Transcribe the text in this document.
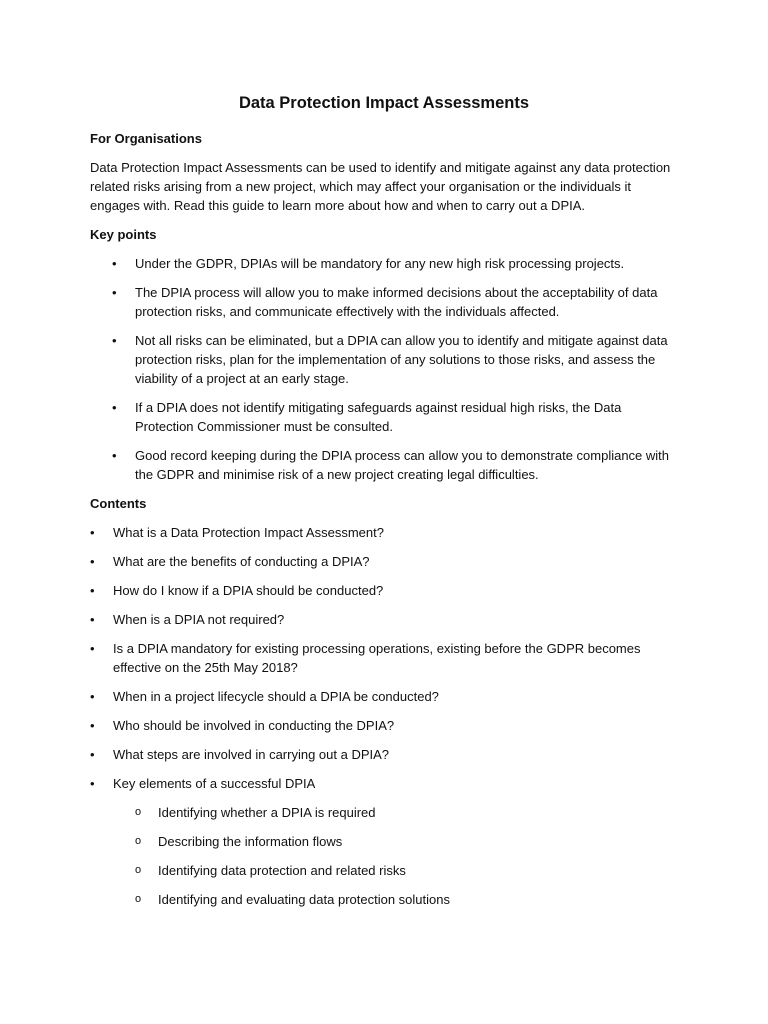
Data Protection Impact Assessments
For Organisations

Data Protection Impact Assessments can be used to identify and mitigate against any data protection related risks arising from a new project, which may affect your organisation or the individuals it engages with. Read this guide to learn more about how and when to carry out a DPIA.

Key points
• Under the GDPR, DPIAs will be mandatory for any new high risk processing projects.
• The DPIA process will allow you to make informed decisions about the acceptability of data protection risks, and communicate effectively with the individuals affected.
• Not all risks can be eliminated, but a DPIA can allow you to identify and mitigate against data protection risks, plan for the implementation of any solutions to those risks, and assess the viability of a project at an early stage.
• If a DPIA does not identify mitigating safeguards against residual high risks, the Data Protection Commissioner must be consulted.
• Good record keeping during the DPIA process can allow you to demonstrate compliance with the GDPR and minimise risk of a new project creating legal difficulties.
Contents
• What is a Data Protection Impact Assessment?
• What are the benefits of conducting a DPIA?
• How do I know if a DPIA should be conducted?
• When is a DPIA not required?
• Is a DPIA mandatory for existing processing operations, existing before the GDPR becomes effective on the 25th May 2018?
• When in a project lifecycle should a DPIA be conducted?
• Who should be involved in conducting the DPIA?
• What steps are involved in carrying out a DPIA?
• Key elements of a successful DPIA
o Identifying whether a DPIA is required
o Describing the information flows
o Identifying data protection and related risks
o Identifying and evaluating data protection solutions
